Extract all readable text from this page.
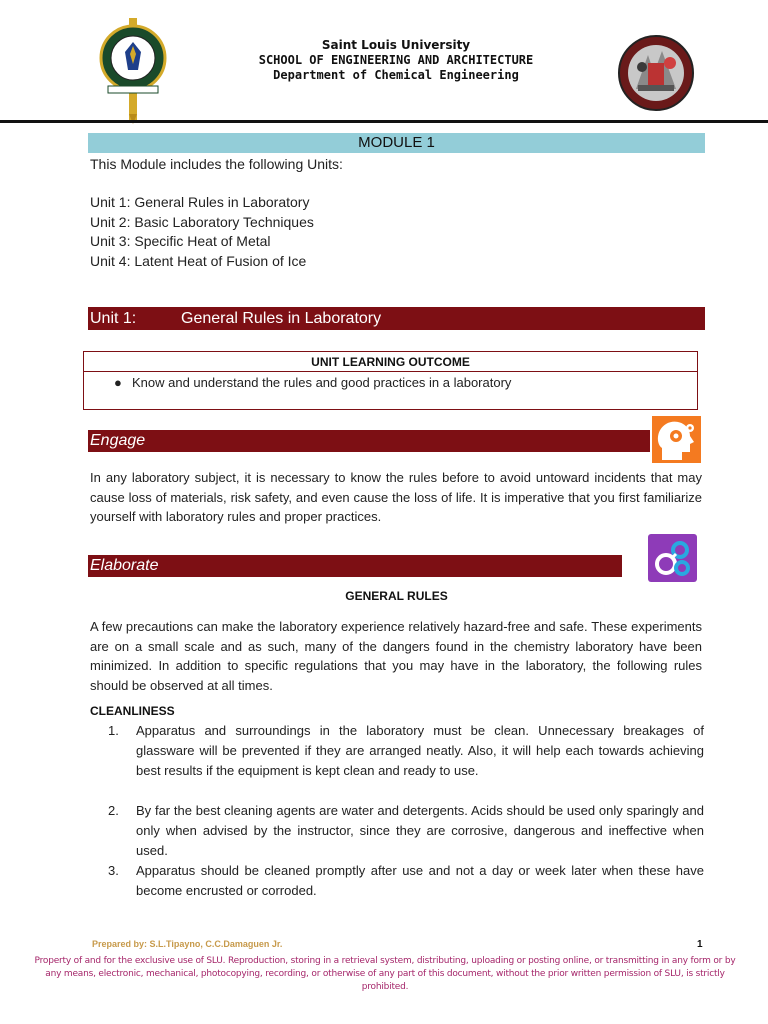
Saint Louis University
SCHOOL OF ENGINEERING AND ARCHITECTURE
Department of Chemical Engineering
MODULE 1
This Module includes the following Units:
Unit 1: General Rules in Laboratory
Unit 2: Basic Laboratory Techniques
Unit 3: Specific Heat of Metal
Unit 4: Latent Heat of Fusion of Ice
Unit 1:	General Rules in Laboratory
UNIT LEARNING OUTCOME
● Know and understand the rules and good practices in a laboratory
Engage
In any laboratory subject, it is necessary to know the rules before to avoid untoward incidents that may cause loss of materials, risk safety, and even cause the loss of life. It is imperative that you first familiarize yourself with laboratory rules and proper practices.
Elaborate
GENERAL RULES
A few precautions can make the laboratory experience relatively hazard-free and safe. These experiments are on a small scale and as such, many of the dangers found in the chemistry laboratory have been minimized. In addition to specific regulations that you may have in the laboratory, the following rules should be observed at all times.
CLEANLINESS
1. Apparatus and surroundings in the laboratory must be clean. Unnecessary breakages of glassware will be prevented if they are arranged neatly. Also, it will help each towards achieving best results if the equipment is kept clean and ready to use.
2. By far the best cleaning agents are water and detergents. Acids should be used only sparingly and only when advised by the instructor, since they are corrosive, dangerous and ineffective when used.
3. Apparatus should be cleaned promptly after use and not a day or week later when these have become encrusted or corroded.
Prepared by: S.L.Tipayno, C.C.Damaguen Jr.	1
Property of and for the exclusive use of SLU. Reproduction, storing in a retrieval system, distributing, uploading or posting online, or transmitting in any form or by any means, electronic, mechanical, photocopying, recording, or otherwise of any part of this document, without the prior written permission of SLU, is strictly prohibited.
